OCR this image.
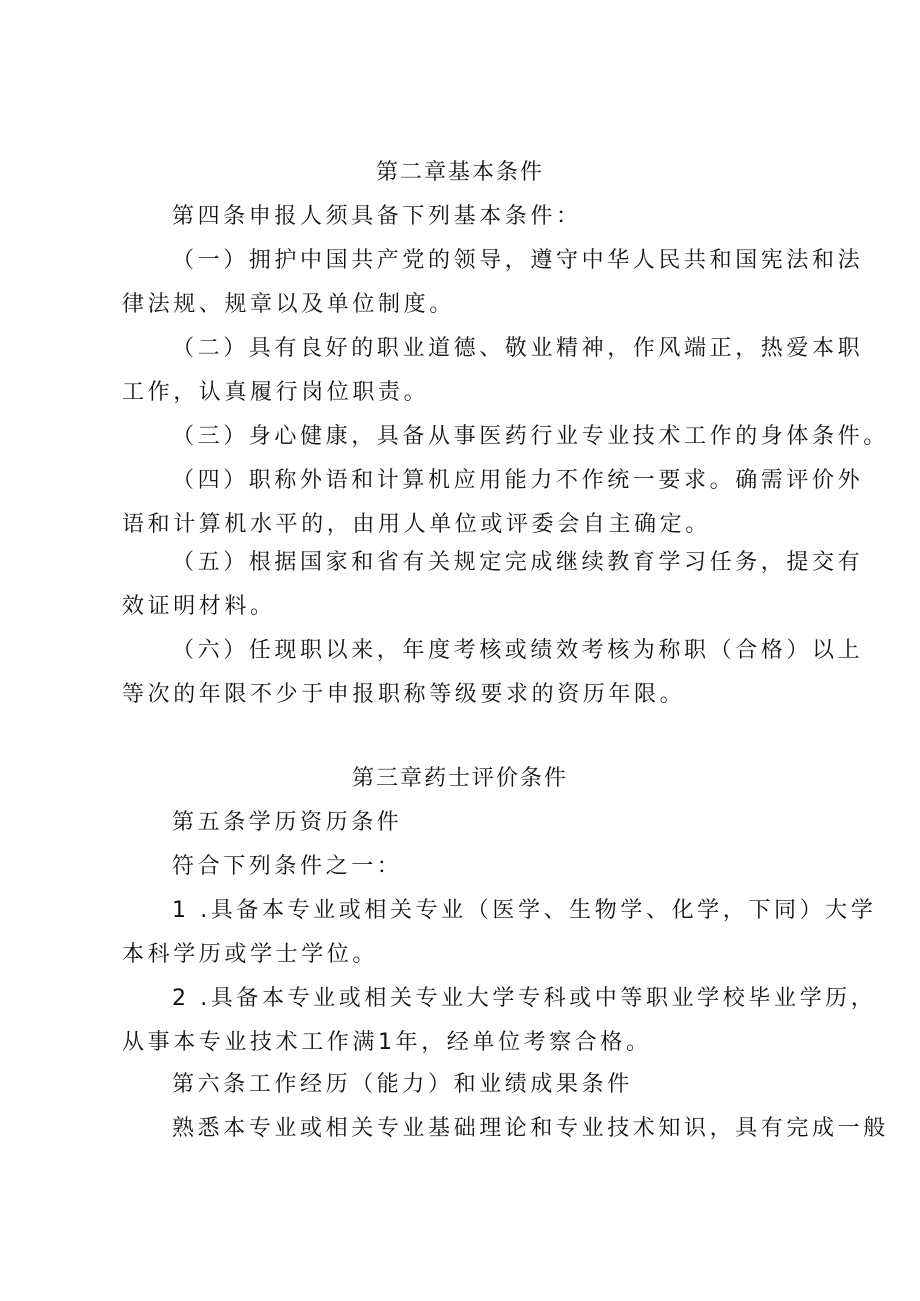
第二章基本条件
第四条申报人须具备下列基本条件：
（一）拥护中国共产党的领导，遵守中华人民共和国宪法和法
律法规、规章以及单位制度。
（二）具有良好的职业道德、敬业精神，作风端正，热爱本职
工作，认真履行岗位职责。
（三）身心健康，具备从事医药行业专业技术工作的身体条件。
（四）职称外语和计算机应用能力不作统一要求。确需评价外
语和计算机水平的，由用人单位或评委会自主确定。
（五）根据国家和省有关规定完成继续教育学习任务，提交有
效证明材料。
（六）任现职以来，年度考核或绩效考核为称职（合格）以上
等次的年限不少于申报职称等级要求的资历年限。
第三章药士评价条件
第五条学历资历条件
符合下列条件之一：
1 .具备本专业或相关专业（医学、生物学、化学，下同）大学
本科学历或学士学位。
2 .具备本专业或相关专业大学专科或中等职业学校毕业学历，
从事本专业技术工作满1年，经单位考察合格。
第六条工作经历（能力）和业绩成果条件
熟悉本专业或相关专业基础理论和专业技术知识，具有完成一般
